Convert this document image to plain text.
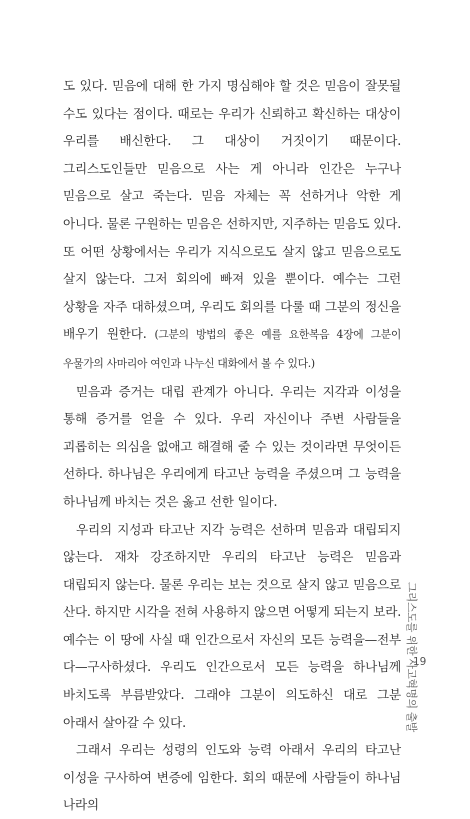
도 있다. 믿음에 대해 한 가지 명심해야 할 것은 믿음이 잘못될 수도 있다는 점이다. 때로는 우리가 신뢰하고 확신하는 대상이 우리를 배신한다. 그 대상이 거짓이기 때문이다. 그리스도인들만 믿음으로 사는 게 아니라 인간은 누구나 믿음으로 살고 죽는다. 믿음 자체는 꼭 선하거나 악한 게 아니다. 물론 구원하는 믿음은 선하지만, 지주하는 믿음도 있다. 또 어떤 상황에서는 우리가 지식으로도 살지 않고 믿음으로도 살지 않는다. 그저 회의에 빠져 있을 뿐이다. 예수는 그런 상황을 자주 대하셨으며, 우리도 회의를 다룰 때 그분의 정신을 배우기 원한다. (그분의 방법의 좋은 예를 요한복음 4장에 그분이 우물가의 사마리아 여인과 나누신 대화에서 볼 수 있다.)

믿음과 증거는 대립 관계가 아니다. 우리는 지각과 이성을 통해 증거를 얻을 수 있다. 우리 자신이나 주변 사람들을 괴롭히는 의심을 없애고 해결해 줄 수 있는 것이라면 무엇이든 선하다. 하나님은 우리에게 타고난 능력을 주셨으며 그 능력을 하나님께 바치는 것은 옳고 선한 일이다.

우리의 지성과 타고난 지각 능력은 선하며 믿음과 대립되지 않는다. 재차 강조하지만 우리의 타고난 능력은 믿음과 대립되지 않는다. 물론 우리는 보는 것으로 살지 않고 믿음으로 산다. 하지만 시각을 전혀 사용하지 않으면 어떻게 되는지 보라. 예수는 이 땅에 사실 때 인간으로서 자신의 모든 능력을—전부 다—구사하셨다. 우리도 인간으로서 모든 능력을 하나님께 바치도록 부름받았다. 그래야 그분이 의도하신 대로 그분 아래서 살아갈 수 있다.

그래서 우리는 성령의 인도와 능력 아래서 우리의 타고난 이성을 구사하여 변증에 임한다. 회의 때문에 사람들이 하나님 나라의

그리스도를 위한 사고혁명의 출발
19
